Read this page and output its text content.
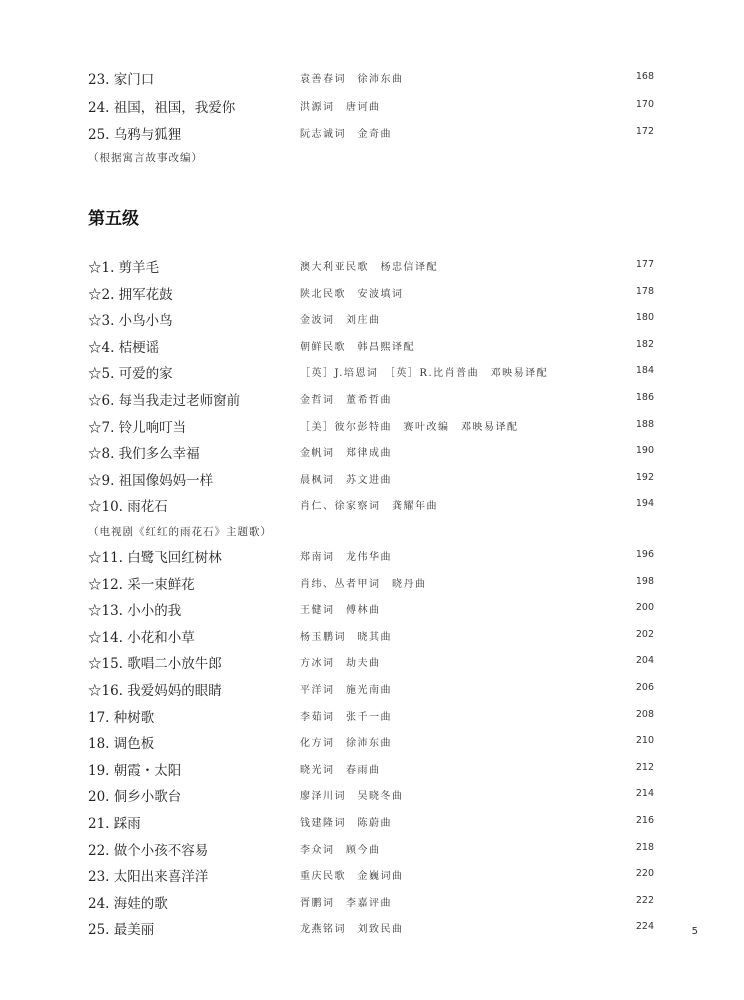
23. 家门口	袁善春词　徐沛东曲	168
24. 祖国，祖国，我爱你	洪源词　唐诃曲	170
25. 乌鸦与狐狸	阮志诚词　金奇曲	172
（根据寓言故事改编）
第五级
☆1. 剪羊毛	澳大利亚民歌　杨忠信译配	177
☆2. 拥军花鼓	陕北民歌　安波填词	178
☆3. 小鸟小鸟	金波词　刘庄曲	180
☆4. 桔梗谣	朝鲜民歌　韩昌熙译配	182
☆5. 可爱的家	［英］J.培恩词　［英］R.比肖普曲　邓映易译配	184
☆6. 每当我走过老师窗前	金哲词　董希哲曲	186
☆7. 铃儿响叮当	［美］彼尔彭特曲　赛叶改编　邓映易译配	188
☆8. 我们多么幸福	金帆词　郑律成曲	190
☆9. 祖国像妈妈一样	晨枫词　苏文进曲	192
☆10. 雨花石	肖仁、徐家察词　龚耀年曲	194
（电视剧《红红的雨花石》主题歌）
☆11. 白鹭飞回红树林	郑南词　龙伟华曲	196
☆12. 采一束鲜花	肖纬、丛者甲词　晓丹曲	198
☆13. 小小的我	王健词　傅林曲	200
☆14. 小花和小草	杨玉鹏词　晓其曲	202
☆15. 歌唱二小放牛郎	方冰词　劫夫曲	204
☆16. 我爱妈妈的眼睛	平洋词　施光南曲	206
17. 种树歌	李茹词　张千一曲	208
18. 调色板	化方词　徐沛东曲	210
19. 朝霞・太阳	晓光词　春雨曲	212
20. 侗乡小歌台	廖泽川词　吴晓冬曲	214
21. 踩雨	钱建隆词　陈蔚曲	216
22. 做个小孩不容易	李众词　顾今曲	218
23. 太阳出来喜洋洋	重庆民歌　金巍词曲	220
24. 海娃的歌	胥鹏词　李嘉评曲	222
25. 最美丽	龙燕铭词　刘致民曲	224	5
